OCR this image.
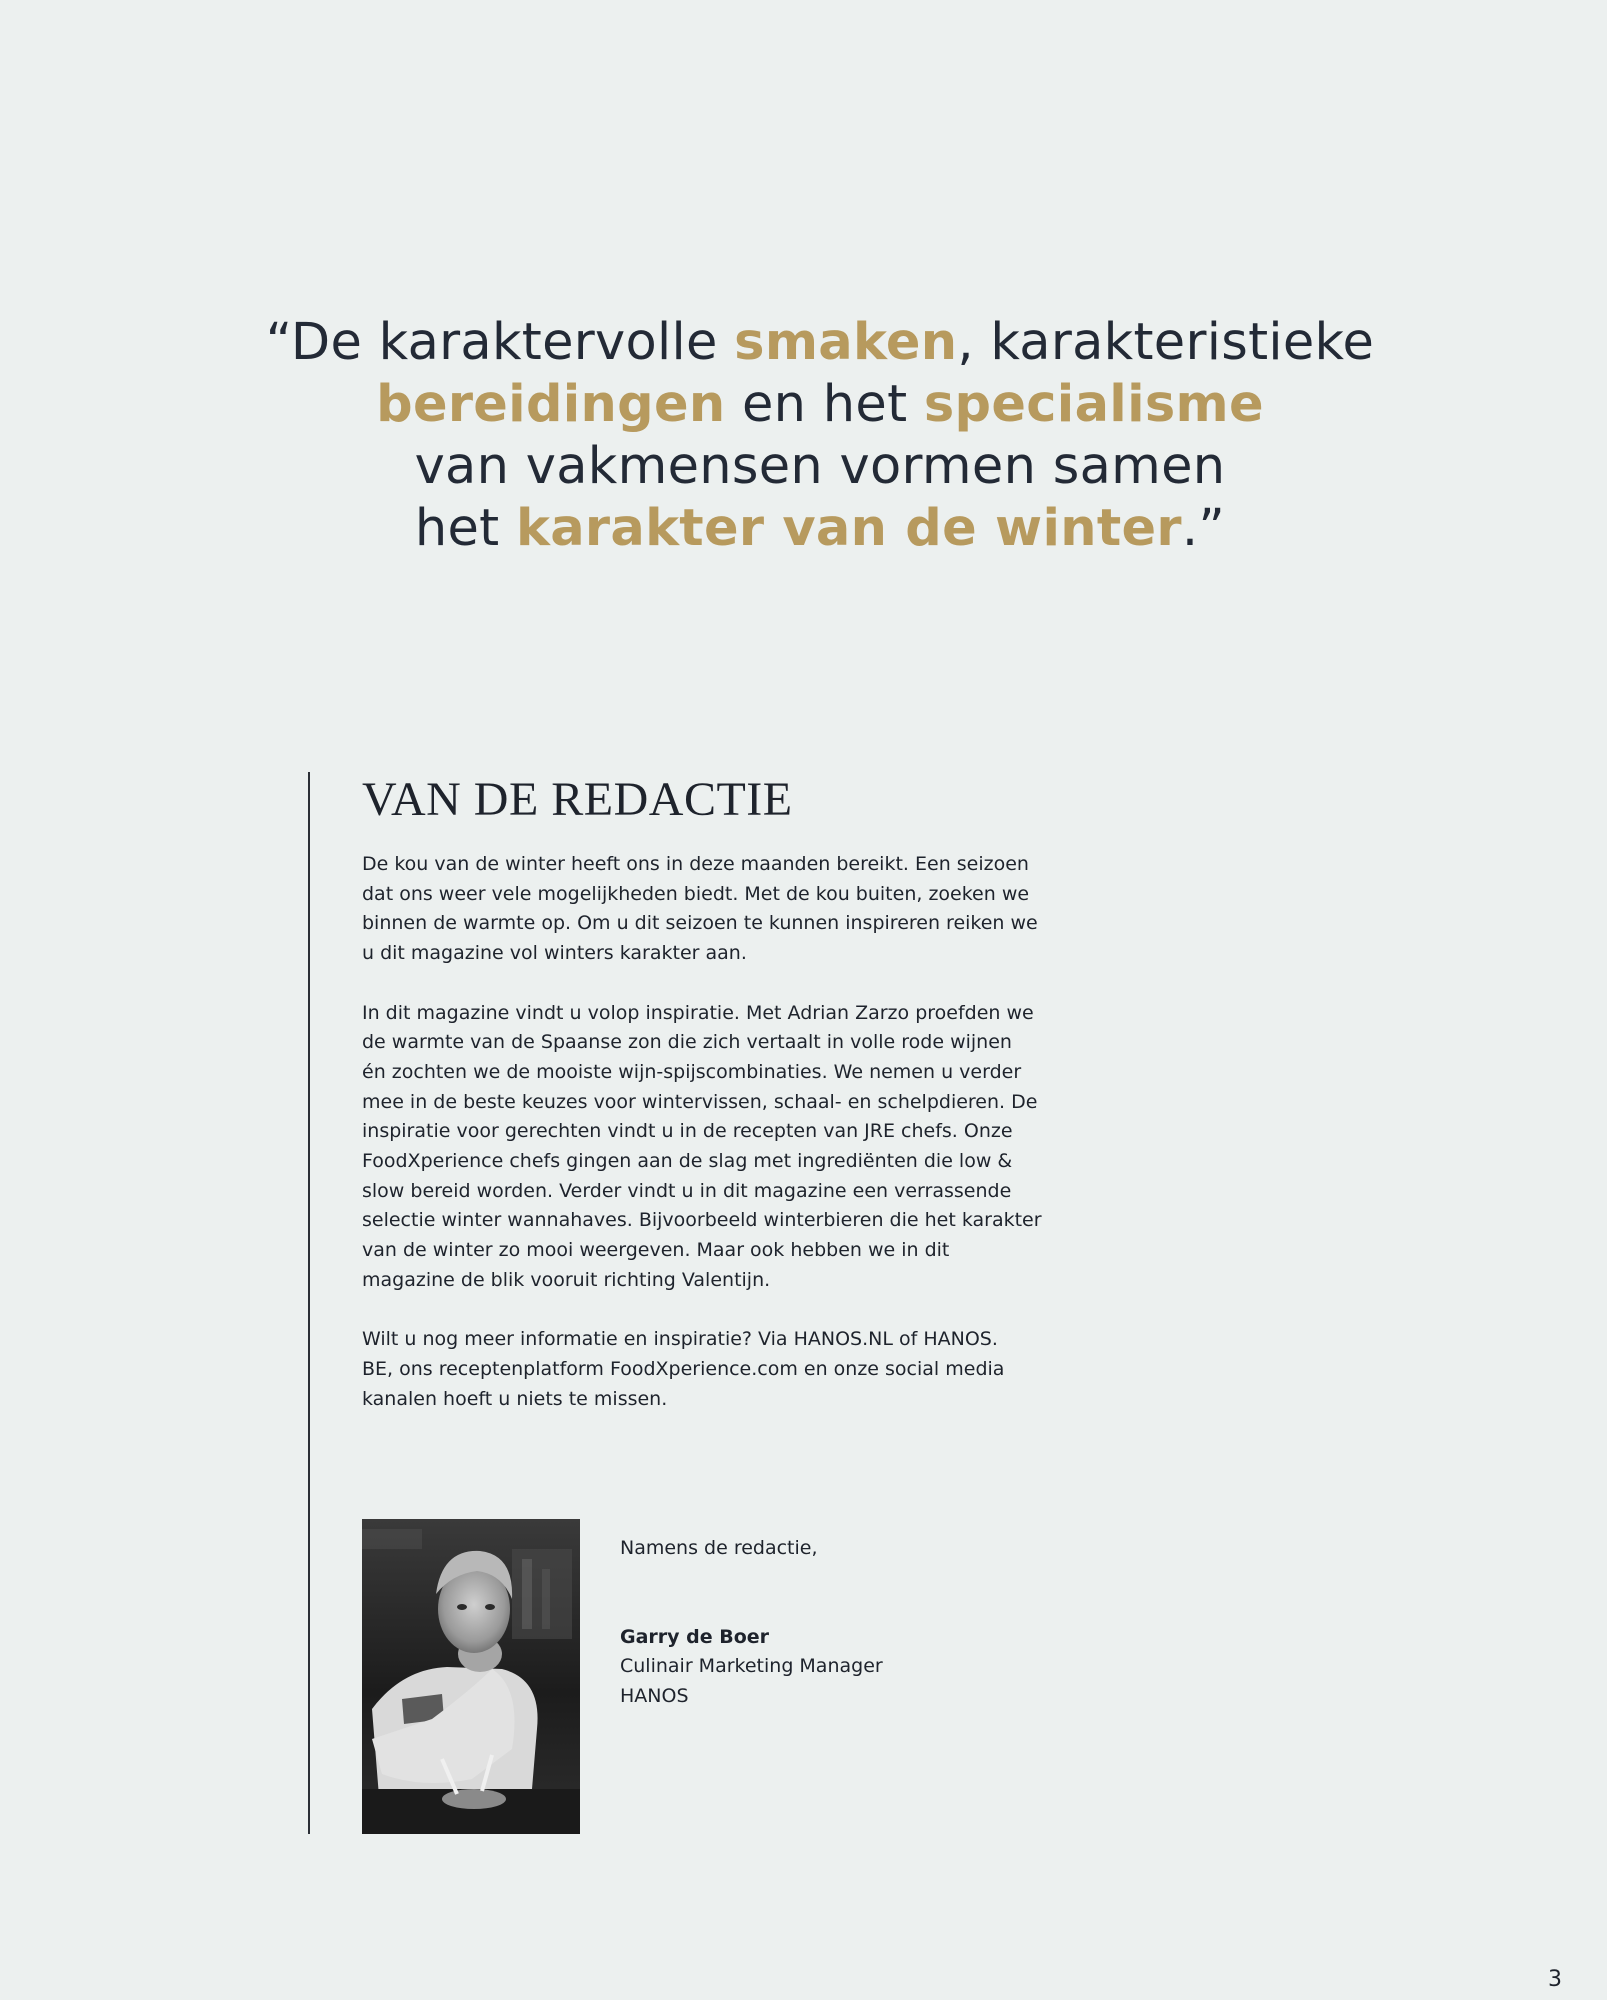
“De karaktervolle smaken, karakteristieke
bereidingen en het specialisme
van vakmensen vormen samen
het karakter van de winter.”
VAN DE REDACTIE

De kou van de winter heeft ons in deze maanden bereikt. Een seizoen
dat ons weer vele mogelijkheden biedt. Met de kou buiten, zoeken we
binnen de warmte op. Om u dit seizoen te kunnen inspireren reiken we
u dit magazine vol winters karakter aan.

In dit magazine vindt u volop inspiratie. Met Adrian Zarzo proefden we
de warmte van de Spaanse zon die zich vertaalt in volle rode wijnen
én zochten we de mooiste wijn-spijscombinaties. We nemen u verder
mee in de beste keuzes voor wintervissen, schaal- en schelpdieren. De
inspiratie voor gerechten vindt u in de recepten van JRE chefs. Onze
FoodXperience chefs gingen aan de slag met ingrediënten die low &
slow bereid worden. Verder vindt u in dit magazine een verrassende
selectie winter wannahaves. Bijvoorbeeld winterbieren die het karakter
van de winter zo mooi weergeven. Maar ook hebben we in dit
magazine de blik vooruit richting Valentijn.

Wilt u nog meer informatie en inspiratie? Via HANOS.NL of HANOS.
BE, ons receptenplatform FoodXperience.com en onze social media
kanalen hoeft u niets te missen.

Namens de redactie,
Garry de Boer
Culinair Marketing Manager
HANOS
3
